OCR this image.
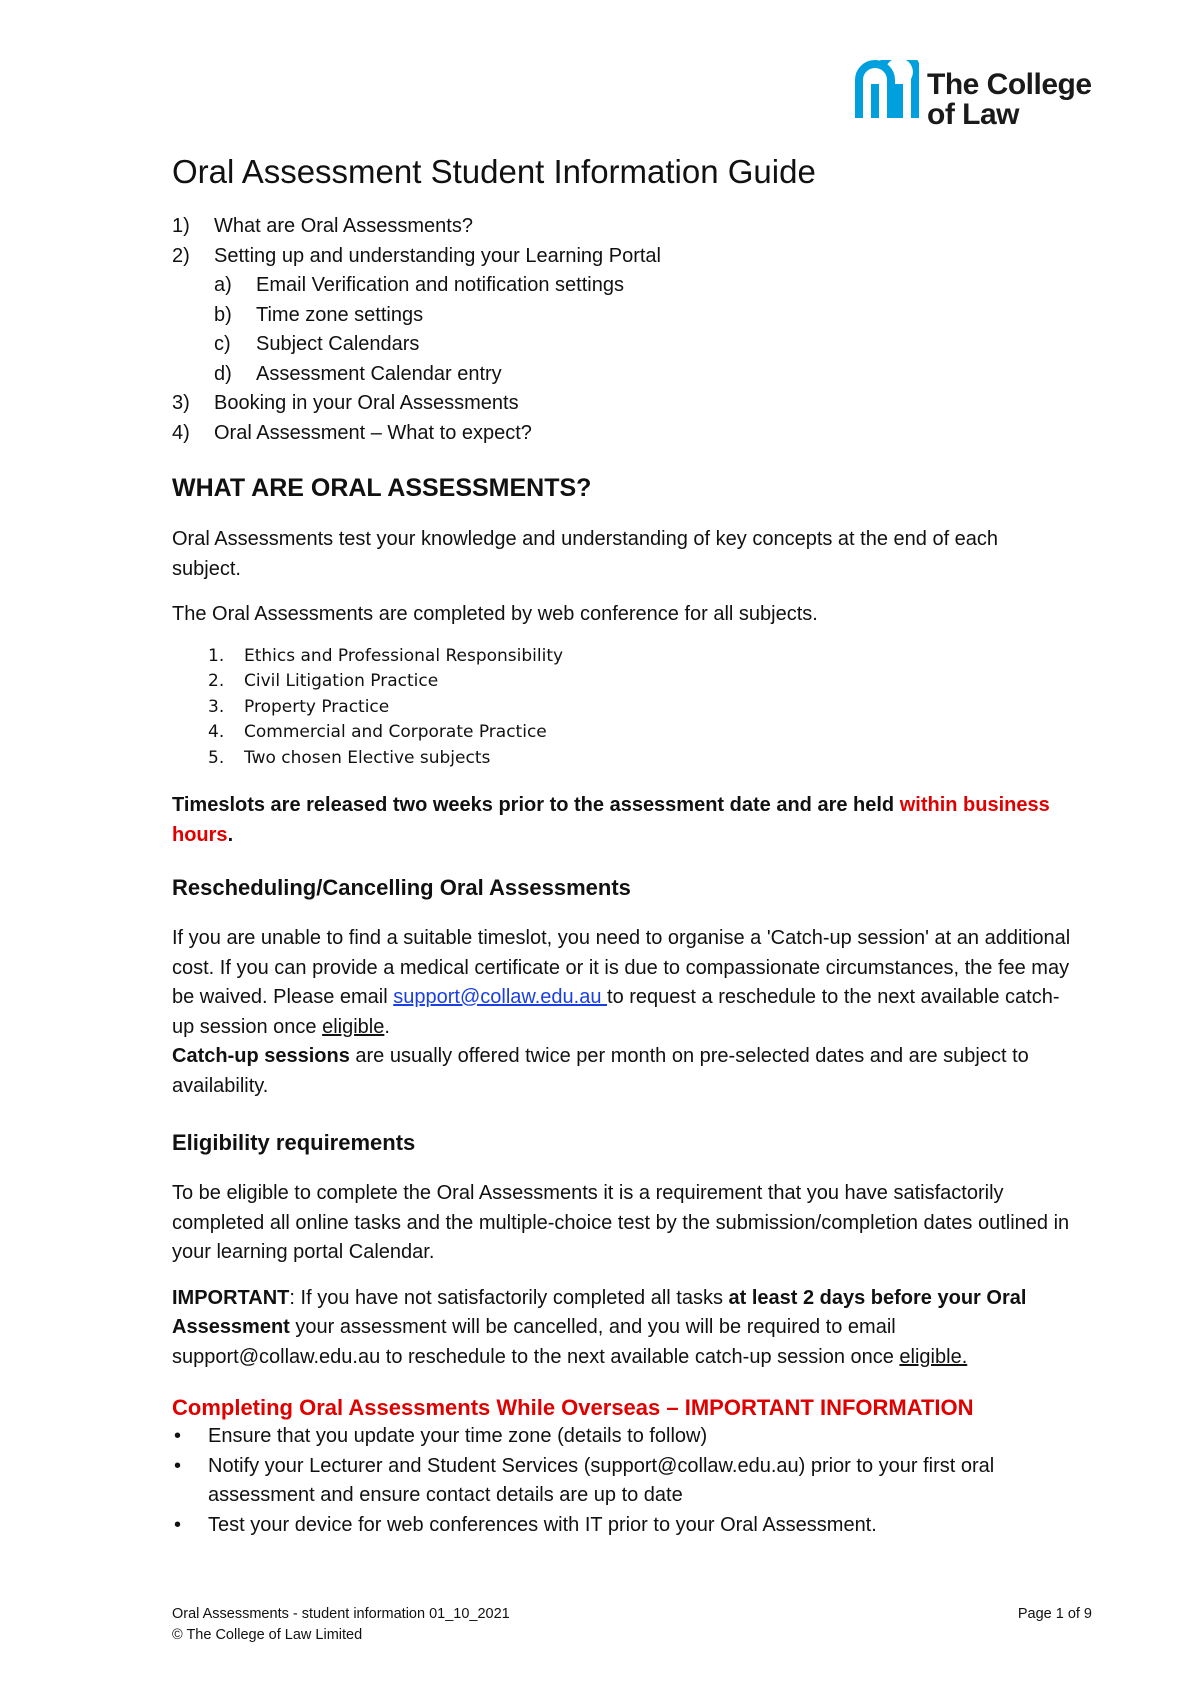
The College
of Law
Oral Assessment Student Information Guide
1) What are Oral Assessments?
2) Setting up and understanding your Learning Portal
a) Email Verification and notification settings
b) Time zone settings
c) Subject Calendars
d) Assessment Calendar entry
3) Booking in your Oral Assessments
4) Oral Assessment – What to expect?
WHAT ARE ORAL ASSESSMENTS?

Oral Assessments test your knowledge and understanding of key concepts at the end of each subject.

The Oral Assessments are completed by web conference for all subjects.

1. Ethics and Professional Responsibility
2. Civil Litigation Practice
3. Property Practice
4. Commercial and Corporate Practice
5. Two chosen Elective subjects

Timeslots are released two weeks prior to the assessment date and are held within business hours.

Rescheduling/Cancelling Oral Assessments

If you are unable to find a suitable timeslot, you need to organise a 'Catch-up session' at an additional cost. If you can provide a medical certificate or it is due to compassionate circumstances, the fee may be waived. Please email support@collaw.edu.au to request a reschedule to the next available catch-up session once eligible.

Catch-up sessions are usually offered twice per month on pre-selected dates and are subject to availability.

Eligibility requirements

To be eligible to complete the Oral Assessments it is a requirement that you have satisfactorily completed all online tasks and the multiple-choice test by the submission/completion dates outlined in your learning portal Calendar.

IMPORTANT: If you have not satisfactorily completed all tasks at least 2 days before your Oral Assessment your assessment will be cancelled, and you will be required to email support@collaw.edu.au to reschedule to the next available catch-up session once eligible.

Completing Oral Assessments While Overseas – IMPORTANT INFORMATION
• Ensure that you update your time zone (details to follow)
• Notify your Lecturer and Student Services (support@collaw.edu.au) prior to your first oral assessment and ensure contact details are up to date
• Test your device for web conferences with IT prior to your Oral Assessment.
Oral Assessments - student information 01_10_2021
© The College of Law Limited
Page 1 of 9
